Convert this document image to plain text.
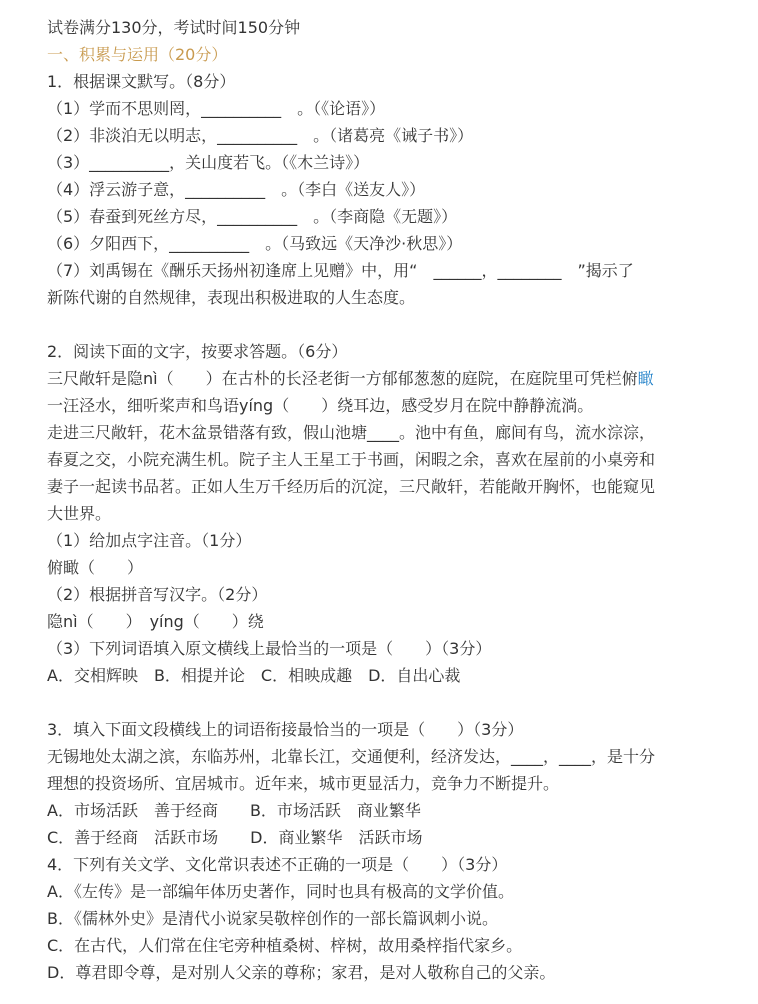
试卷满分130分，考试时间150分钟
一、积累与运用（20分）
1．根据课文默写。（8分）
（1）学而不思则罔，__________　。（《论语》）
（2）非淡泊无以明志，__________　。（诸葛亮《诫子书》）
（3）__________，关山度若飞。（《木兰诗》）
（4）浮云游子意，__________　。（李白《送友人》）
（5）春蚕到死丝方尽，__________　。（李商隐《无题》）
（6）夕阳西下，__________　。（马致远《天净沙·秋思》）
（7）刘禹锡在《酬乐天扬州初逢席上见赠》中，用“　______，________　”揭示了
新陈代谢的自然规律，表现出积极进取的人生态度。
2．阅读下面的文字，按要求答题。（6分）
三尺敞轩是隐nì（　　）在古朴的长泾老街一方郁郁葱葱的庭院，在庭院里可凭栏俯瞰
一汪泾水，细听桨声和鸟语yíng（　　）绕耳边，感受岁月在院中静静流淌。
走进三尺敞轩，花木盆景错落有致，假山池塘____。池中有鱼，廊间有鸟，流水淙淙，
春夏之交，小院充满生机。院子主人王星工于书画，闲暇之余，喜欢在屋前的小桌旁和
妻子一起读书品茗。正如人生万千经历后的沉淀，三尺敞轩，若能敞开胸怀，也能窥见
大世界。
（1）给加点字注音。（1分）
俯瞰（　　）
（2）根据拼音写汉字。（2分）
隐nì（　　）　yíng（　　）绕
（3）下列词语填入原文横线上最恰当的一项是（　　）（3分）
A．交相辉映　B．相提并论　C．相映成趣　D．自出心裁
3．填入下面文段横线上的词语衔接最恰当的一项是（　　）（3分）
无锡地处太湖之滨，东临苏州，北靠长江，交通便利，经济发达，____，____，是十分
理想的投资场所、宜居城市。近年来，城市更显活力，竞争力不断提升。
A．市场活跃　善于经商　　B．市场活跃　商业繁华
C．善于经商　活跃市场　　D．商业繁华　活跃市场
4．下列有关文学、文化常识表述不正确的一项是（　　）（3分）
A．《左传》是一部编年体历史著作，同时也具有极高的文学价值。
B．《儒林外史》是清代小说家吴敬梓创作的一部长篇讽刺小说。
C．在古代，人们常在住宅旁种植桑树、梓树，故用桑梓指代家乡。
D．尊君即令尊，是对别人父亲的尊称；家君，是对人敬称自己的父亲。
